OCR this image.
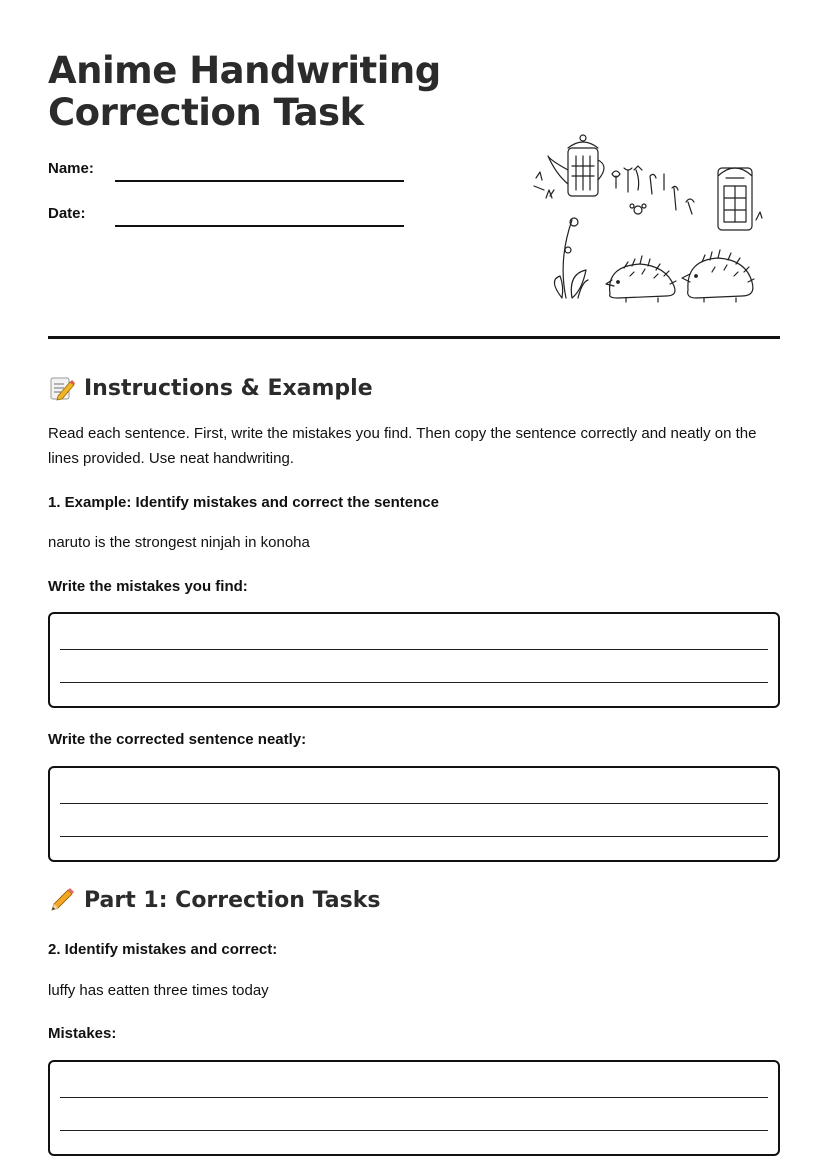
Anime Handwriting
Correction Task
Name:
Date:
Instructions & Example
Read each sentence. First, write the mistakes you find. Then copy the sentence correctly and neatly on the lines provided. Use neat handwriting.
1. Example: Identify mistakes and correct the sentence
naruto is the strongest ninjah in konoha
Write the mistakes you find:
Write the corrected sentence neatly:
Part 1: Correction Tasks
2. Identify mistakes and correct:
luffy has eatten three times today
Mistakes:
